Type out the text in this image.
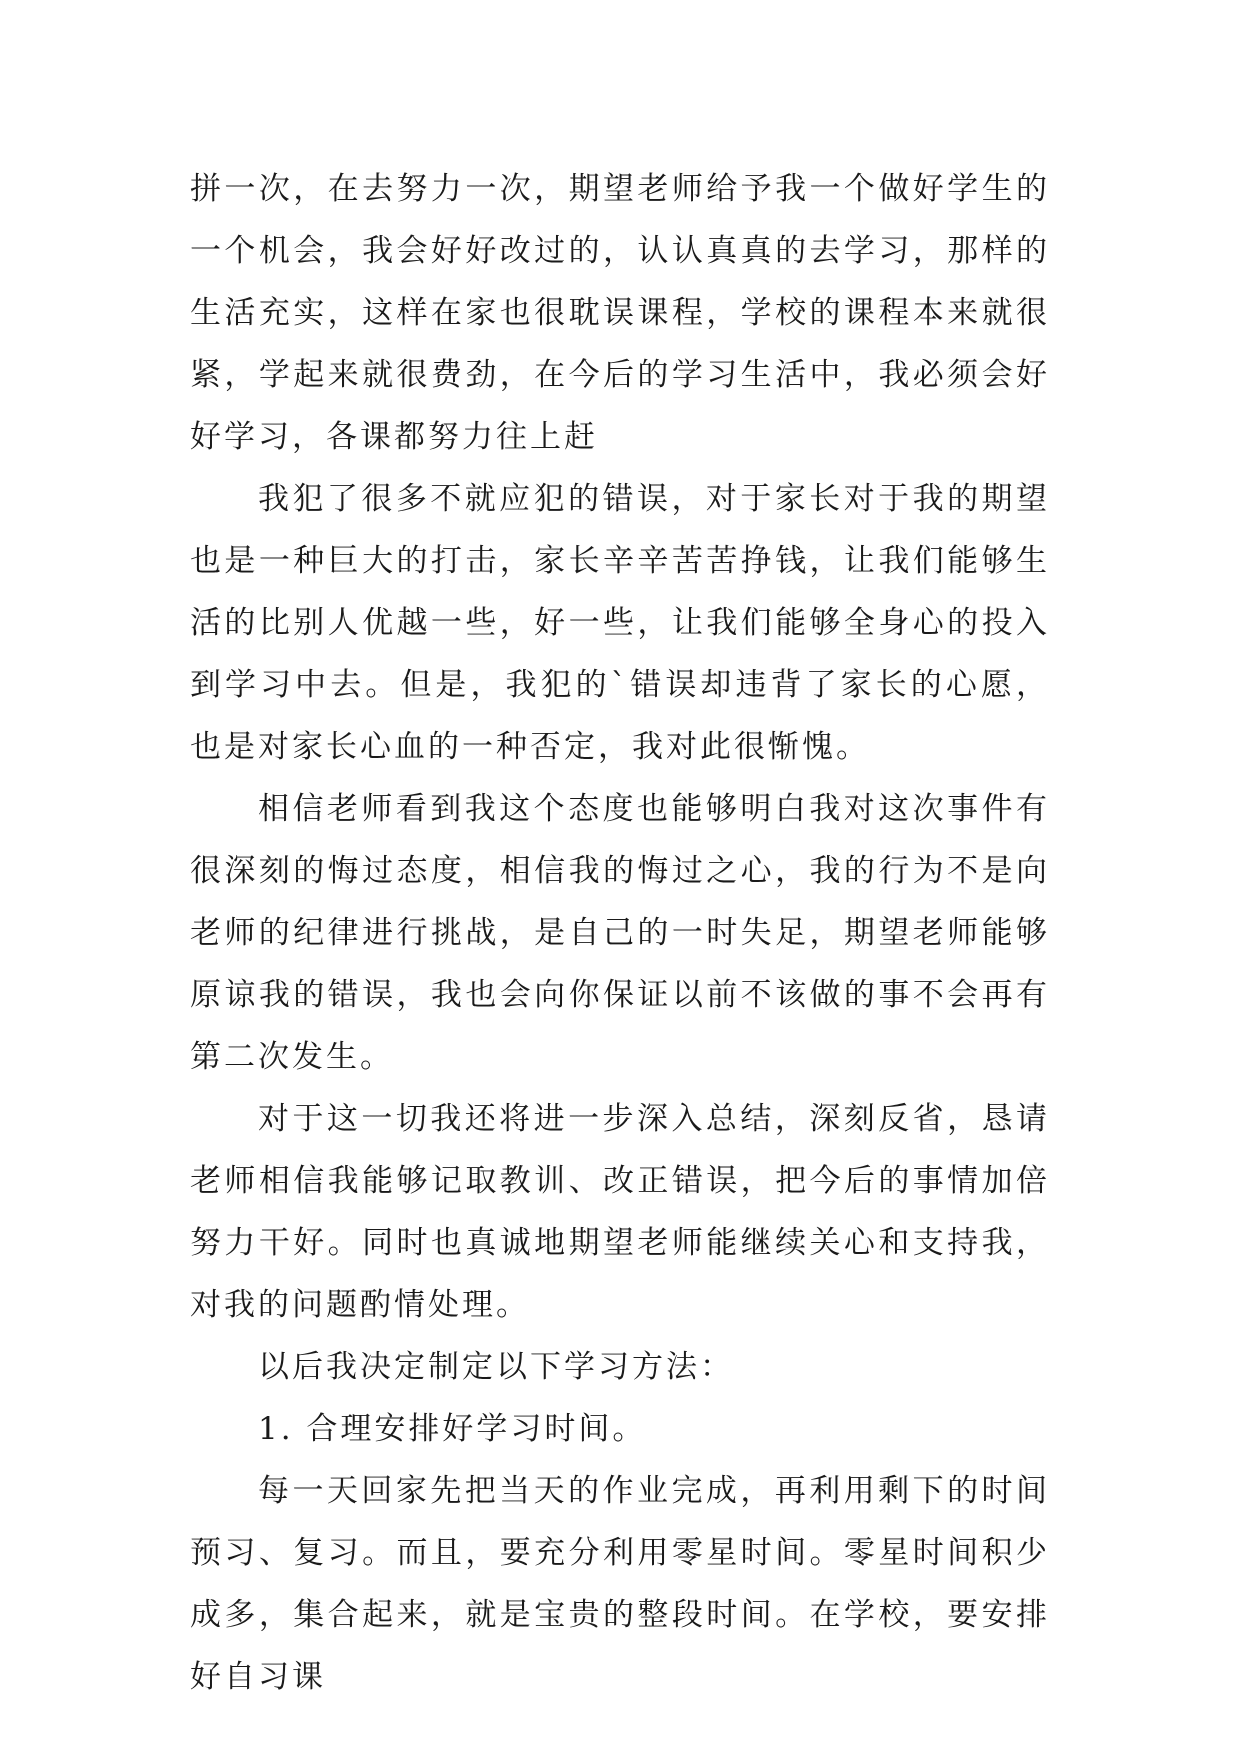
拼一次，在去努力一次，期望老师给予我一个做好学生的一个机会，我会好好改过的，认认真真的去学习，那样的生活充实，这样在家也很耽误课程，学校的课程本来就很紧，学起来就很费劲，在今后的学习生活中，我必须会好好学习，各课都努力往上赶

我犯了很多不就应犯的错误，对于家长对于我的期望也是一种巨大的打击，家长辛辛苦苦挣钱，让我们能够生活的比别人优越一些，好一些，让我们能够全身心的投入到学习中去。但是，我犯的`错误却违背了家长的心愿，也是对家长心血的一种否定，我对此很惭愧。

相信老师看到我这个态度也能够明白我对这次事件有很深刻的悔过态度，相信我的悔过之心，我的行为不是向老师的纪律进行挑战，是自己的一时失足，期望老师能够原谅我的错误，我也会向你保证以前不该做的事不会再有第二次发生。

对于这一切我还将进一步深入总结，深刻反省，恳请老师相信我能够记取教训、改正错误，把今后的事情加倍努力干好。同时也真诚地期望老师能继续关心和支持我，对我的问题酌情处理。

以后我决定制定以下学习方法：

1. 合理安排好学习时间。

每一天回家先把当天的作业完成，再利用剩下的时间预习、复习。而且，要充分利用零星时间。零星时间积少成多，集合起来，就是宝贵的整段时间。在学校，要安排好自习课
